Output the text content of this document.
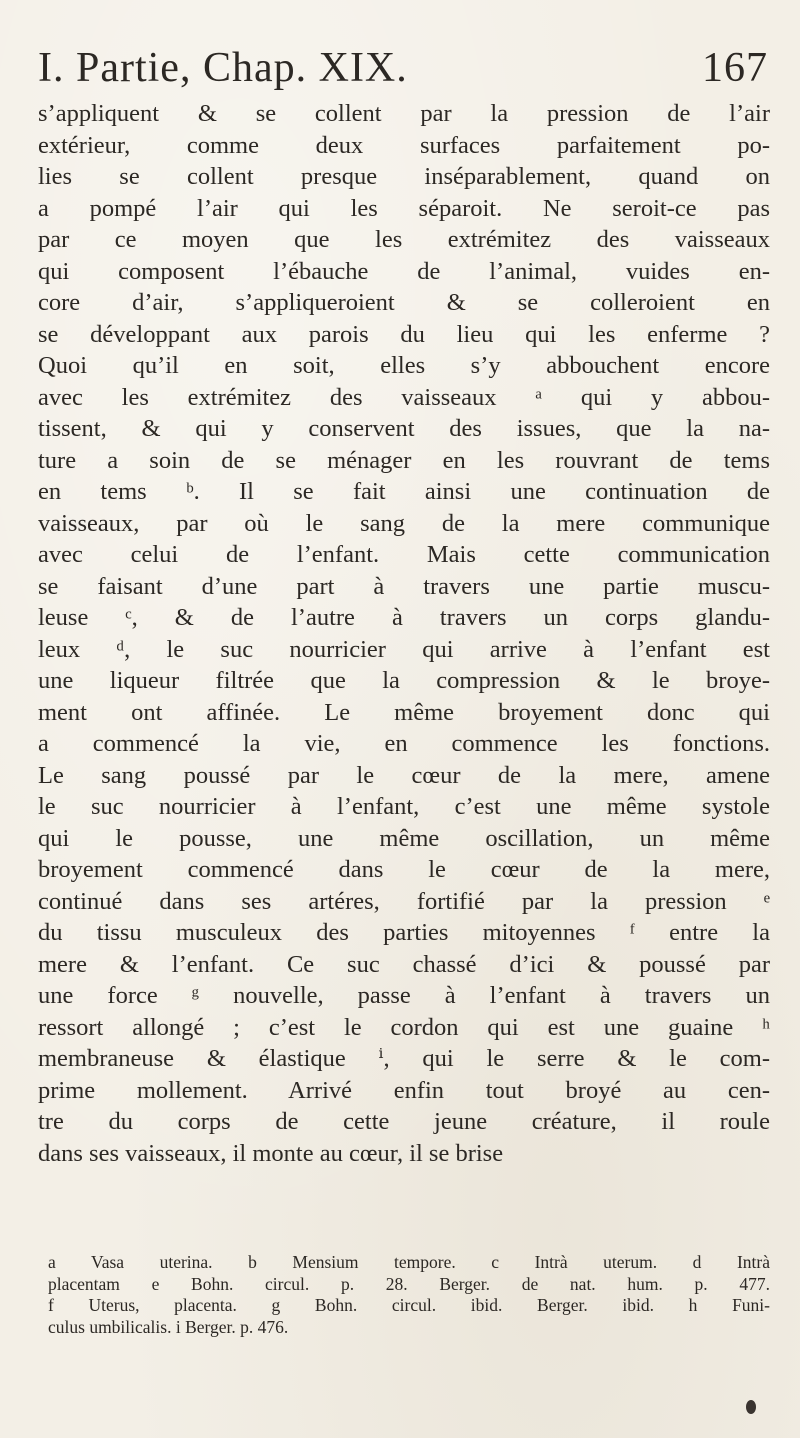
I. Partie, Chap. XIX.	167
s’appliquent & se collent par la pression de l’air
extérieur, comme deux surfaces parfaitement po-
lies se collent presque inséparablement, quand on
a pompé l’air qui les séparoit. Ne seroit-ce pas
par ce moyen que les extrémitez des vaisseaux
qui composent l’ébauche de l’animal, vuides en-
core d’air, s’appliqueroient & se colleroient en
se développant aux parois du lieu qui les enferme ?
Quoi qu’il en soit, elles s’y abbouchent encore
avec les extrémitez des vaisseaux ᵃ qui y abbou-
tissent, & qui y conservent des issues, que la na-
ture a soin de se ménager en les rouvrant de tems
en tems ᵇ. Il se fait ainsi une continuation de
vaisseaux, par où le sang de la mere communique
avec celui de l’enfant. Mais cette communication
se faisant d’une part à travers une partie muscu-
leuse ᶜ, & de l’autre à travers un corps glandu-
leux ᵈ, le suc nourricier qui arrive à l’enfant est
une liqueur filtrée que la compression & le broye-
ment ont affinée. Le même broyement donc qui
a commencé la vie, en commence les fonctions.
Le sang poussé par le cœur de la mere, amene
le suc nourricier à l’enfant, c’est une même systole
qui le pousse, une même oscillation, un même
broyement commencé dans le cœur de la mere,
continué dans ses artéres, fortifié par la pression ᵉ
du tissu musculeux des parties mitoyennes ᶠ entre la
mere & l’enfant. Ce suc chassé d’ici & poussé par
une force ᵍ nouvelle, passe à l’enfant à travers un
ressort allongé ; c’est le cordon qui est une guaine ʰ
membraneuse & élastique ⁱ, qui le serre & le com-
prime mollement. Arrivé enfin tout broyé au cen-
tre du corps de cette jeune créature, il roule
dans ses vaisseaux, il monte au cœur, il se brise
a Vasa uterina. b Mensium tempore. c Intrà uterum. d Intrà
placentam e Bohn. circul. p. 28. Berger. de nat. hum. p. 477.
f Uterus, placenta. g Bohn. circul. ibid. Berger. ibid. h Funi-
culus umbilicalis. i Berger. p. 476.
